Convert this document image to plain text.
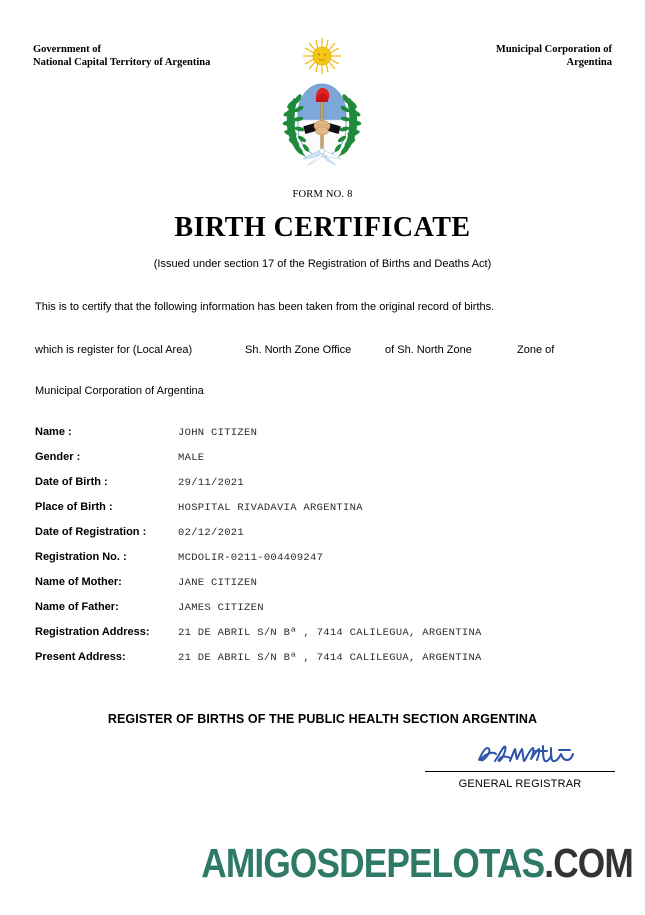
Government of
National Capital Territory of Argentina
Municipal Corporation of
Argentina
FORM NO. 8
BIRTH CERTIFICATE
(Issued under section 17 of the Registration of Births and Deaths Act)
This is to certify that the following information has been taken from the original record of births.
which is register for (Local Area)	Sh. North Zone Office	of Sh. North Zone	Zone of
Municipal Corporation of Argentina
Name :	JOHN CITIZEN
Gender :	MALE
Date of Birth :	29/11/2021
Place of Birth :	HOSPITAL RIVADAVIA ARGENTINA
Date of Registration :	02/12/2021
Registration No. :	MCDOLIR-0211-004409247
Name of Mother:	JANE CITIZEN
Name of Father:	JAMES CITIZEN
Registration Address:	21 DE ABRIL S/N Bª , 7414 CALILEGUA, ARGENTINA
Present Address:	21 DE ABRIL S/N Bª , 7414 CALILEGUA, ARGENTINA
REGISTER OF BIRTHS OF THE PUBLIC HEALTH SECTION ARGENTINA
GENERAL REGISTRAR
AMIGOSDEPELOTAS.COM
